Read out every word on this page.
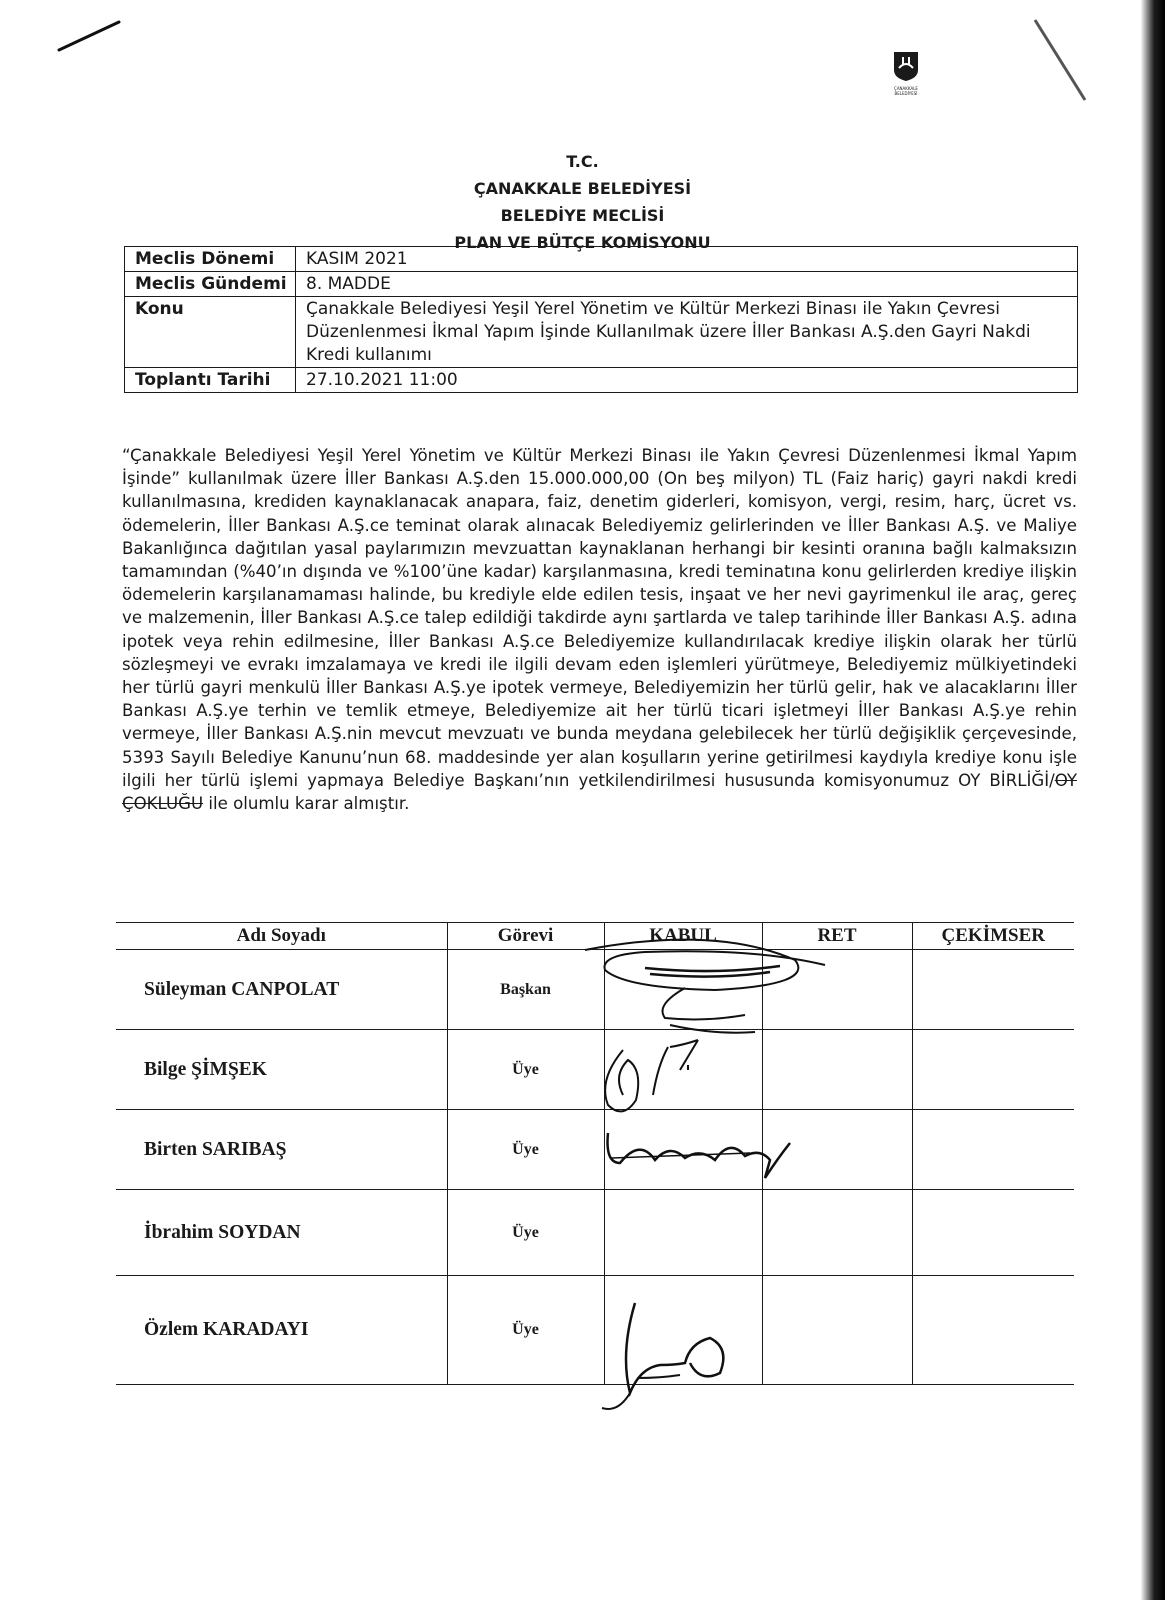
ÇANAKKALE
BELEDİYESİ
T.C.
ÇANAKKALE BELEDİYESİ
BELEDİYE MECLİSİ
PLAN VE BÜTÇE KOMİSYONU
Meclis Dönemi	KASIM 2021
Meclis Gündemi	8. MADDE
Konu	Çanakkale Belediyesi Yeşil Yerel Yönetim ve Kültür Merkezi Binası ile Yakın Çevresi Düzenlenmesi İkmal Yapım İşinde Kullanılmak üzere İller Bankası A.Ş.den Gayri Nakdi Kredi kullanımı
Toplantı Tarihi	27.10.2021 11:00
“Çanakkale Belediyesi Yeşil Yerel Yönetim ve Kültür Merkezi Binası ile Yakın Çevresi Düzenlenmesi İkmal Yapım İşinde” kullanılmak üzere İller Bankası A.Ş.den 15.000.000,00 (On beş milyon) TL (Faiz hariç) gayri nakdi kredi kullanılmasına, krediden kaynaklanacak anapara, faiz, denetim giderleri, komisyon, vergi, resim, harç, ücret vs. ödemelerin, İller Bankası A.Ş.ce teminat olarak alınacak Belediyemiz gelirlerinden ve İller Bankası A.Ş. ve Maliye Bakanlığınca dağıtılan yasal paylarımızın mevzuattan kaynaklanan herhangi bir kesinti oranına bağlı kalmaksızın tamamından (%40’ın dışında ve %100’üne kadar) karşılanmasına, kredi teminatına konu gelirlerden krediye ilişkin ödemelerin karşılanamaması halinde, bu krediyle elde edilen tesis, inşaat ve her nevi gayrimenkul ile araç, gereç ve malzemenin, İller Bankası A.Ş.ce talep edildiği takdirde aynı şartlarda ve talep tarihinde İller Bankası A.Ş. adına ipotek veya rehin edilmesine, İller Bankası A.Ş.ce Belediyemize kullandırılacak krediye ilişkin olarak her türlü sözleşmeyi ve evrakı imzalamaya ve kredi ile ilgili devam eden işlemleri yürütmeye, Belediyemiz mülkiyetindeki her türlü gayri menkulü İller Bankası A.Ş.ye ipotek vermeye, Belediyemizin her türlü gelir, hak ve alacaklarını İller Bankası A.Ş.ye terhin ve temlik etmeye, Belediyemize ait her türlü ticari işletmeyi İller Bankası A.Ş.ye rehin vermeye, İller Bankası A.Ş.nin mevcut mevzuatı ve bunda meydana gelebilecek her türlü değişiklik çerçevesinde, 5393 Sayılı Belediye Kanunu’nun 68. maddesinde yer alan koşulların yerine getirilmesi kaydıyla krediye konu işle ilgili her türlü işlemi yapmaya Belediye Başkanı’nın yetkilendirilmesi hususunda komisyonumuz OY BİRLİĞİ/OY ÇOKLUĞU ile olumlu karar almıştır.
Adı Soyadı	Görevi	KABUL	RET	ÇEKİMSER
Süleyman CANPOLAT	Başkan			
Bilge ŞİMŞEK	Üye			
Birten SARIBAŞ	Üye			
İbrahim SOYDAN	Üye			
Özlem KARADAYI	Üye			
